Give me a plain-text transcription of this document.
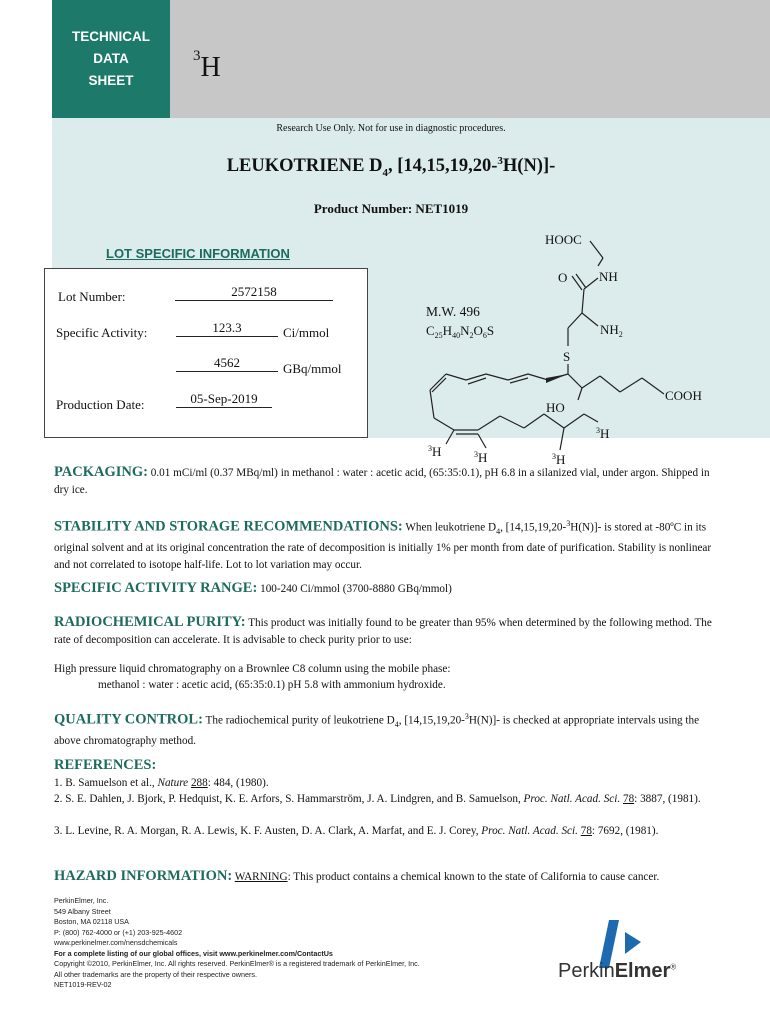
TECHNICAL
DATA
SHEET
$^3$H
Research Use Only. Not for use in diagnostic procedures.
LEUKOTRIENE $D_4$, [14,15,19,20-$^3$H(N)]-
Product Number: NET1019
LOT SPECIFIC INFORMATION
Lot Number:	2572158
Specific Activity:	123.3	Ci/mmol
4562	GBq/mmol
Production Date:	05-Sep-2019
HOOC
O NH
M.W. 496
$C_{25}H_{40}N_2O_6S$	$NH_2$
S
COOH
HO
$^3$H	$^3$H	$^3$H
$^3$H
PACKAGING: 0.01 mCi/ml (0.37 MBq/ml) in methanol : water : acetic acid, (65:35:0.1), pH 6.8 in a silanized vial, under argon. Shipped in dry ice.
STABILITY AND STORAGE RECOMMENDATIONS: When leukotriene $D_4$, [14,15,19,20-$^3$H(N)]- is stored at -80ºC in its original solvent and at its original concentration the rate of decomposition is initially 1% per month from date of purification. Stability is nonlinear and not correlated to isotope half-life. Lot to lot variation may occur.
SPECIFIC ACTIVITY RANGE: 100-240 Ci/mmol (3700-8880 GBq/mmol)
RADIOCHEMICAL PURITY: This product was initially found to be greater than 95% when determined by the following method. The rate of decomposition can accelerate. It is advisable to check purity prior to use:
High pressure liquid chromatography on a Brownlee C8 column using the mobile phase:
methanol : water : acetic acid, (65:35:0.1) pH 5.8 with ammonium hydroxide.
QUALITY CONTROL: The radiochemical purity of leukotriene $D_4$, [14,15,19,20-$^3$H(N)]- is checked at appropriate intervals using the above chromatography method.
REFERENCES:
1. B. Samuelson et al., Nature 288: 484, (1980).
2. S. E. Dahlen, J. Bjork, P. Hedquist, K. E. Arfors, S. Hammarström, J. A. Lindgren, and B. Samuelson, Proc. Natl. Acad. Sci. 78: 3887, (1981).
3. L. Levine, R. A. Morgan, R. A. Lewis, K. F. Austen, D. A. Clark, A. Marfat, and E. J. Corey, Proc. Natl. Acad. Sci. 78: 7692, (1981).
HAZARD INFORMATION: WARNING: This product contains a chemical known to the state of California to cause cancer.
PerkinElmer, Inc.
549 Albany Street
Boston, MA 02118 USA
P: (800) 762-4000 or (+1) 203-925-4602
www.perkinelmer.com/nensdchemicals
For a complete listing of our global offices, visit www.perkinelmer.com/ContactUs
Copyright ©2010, PerkinElmer, Inc. All rights reserved. PerkinElmer® is a registered trademark of PerkinElmer, Inc.
All other trademarks are the property of their respective owners.
NET1019-REV-02
PerkinElmer®
